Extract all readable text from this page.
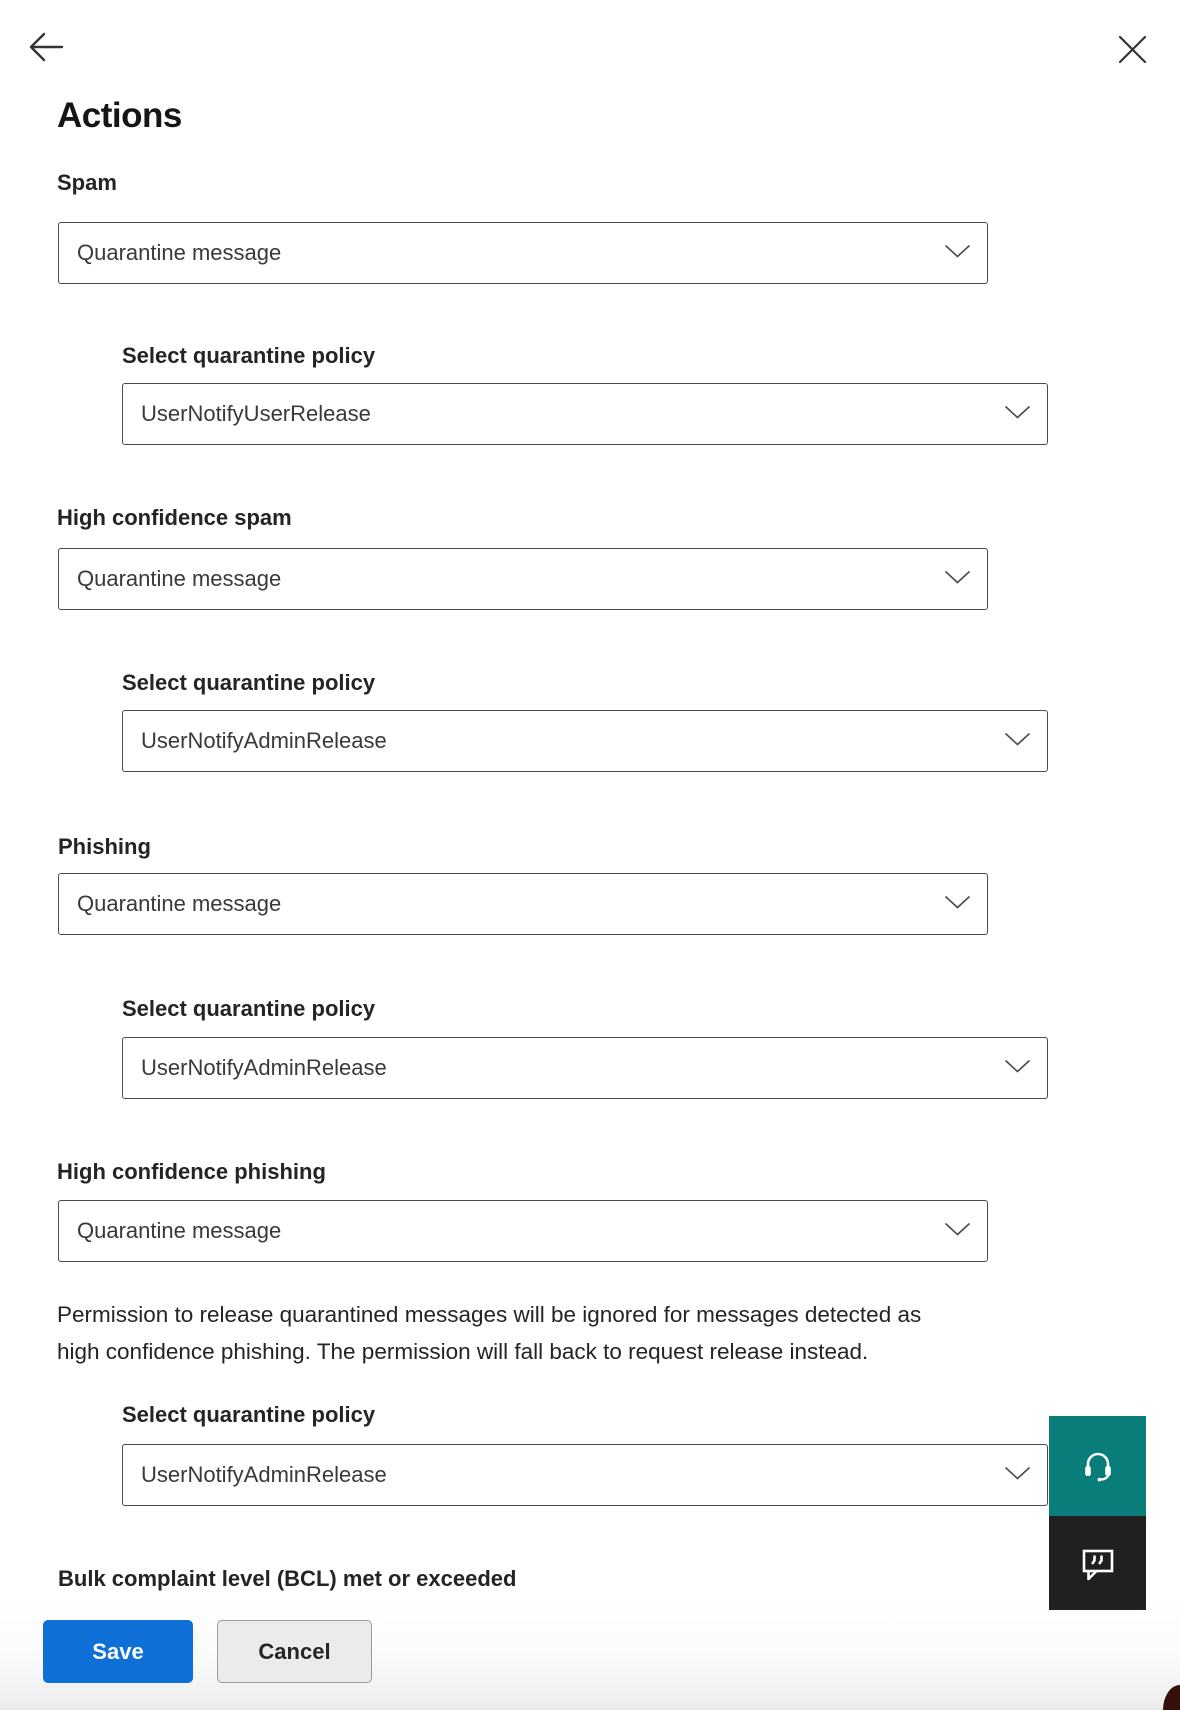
Actions
Spam
Quarantine message
Select quarantine policy
UserNotifyUserRelease
High confidence spam
Quarantine message
Select quarantine policy
UserNotifyAdminRelease
Phishing
Quarantine message
Select quarantine policy
UserNotifyAdminRelease
High confidence phishing
Quarantine message
Permission to release quarantined messages will be ignored for messages detected as
high confidence phishing. The permission will fall back to request release instead.
Select quarantine policy
UserNotifyAdminRelease
Bulk complaint level (BCL) met or exceeded
Save	Cancel
